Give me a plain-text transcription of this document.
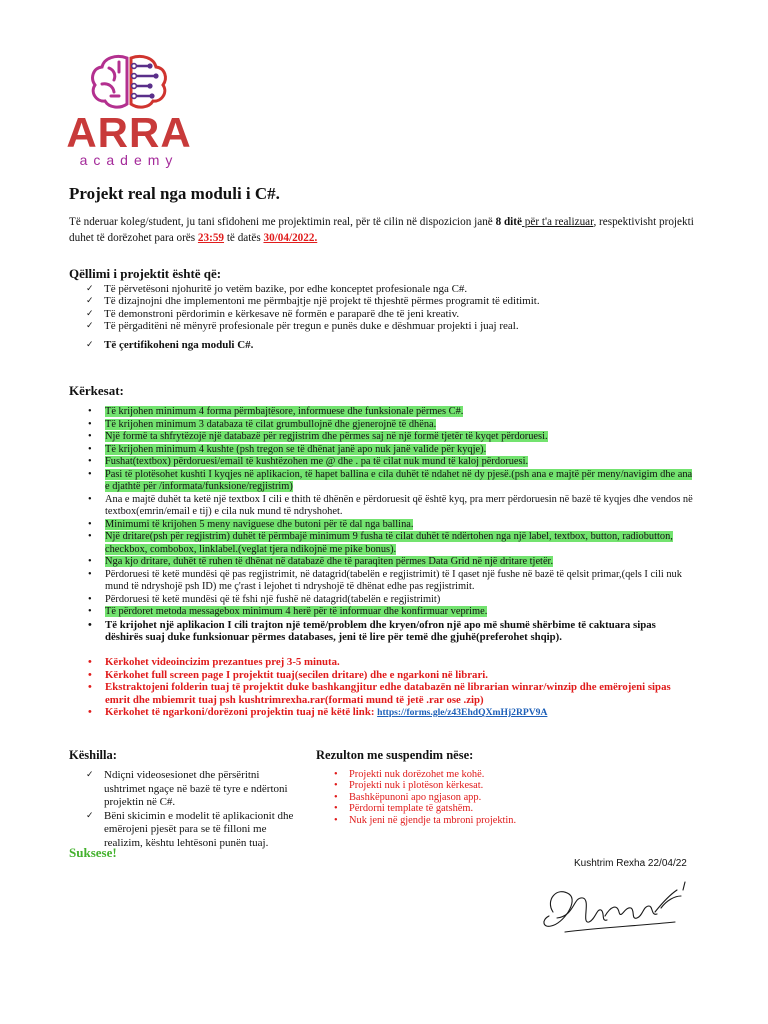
ARRA
academy
Projekt real nga moduli i C#.

Të nderuar koleg/student, ju tani sfidoheni me projektimin real, për të cilin në dispozicion janë 8 ditë për t'a realizuar, respektivisht projekti duhet të dorëzohet para orës 23:59 të datës 30/04/2022.

Qëllimi i projektit është që:
✓ Të përvetësoni njohuritë jo vetëm bazike, por edhe konceptet profesionale nga C#.
✓ Të dizajnojni dhe implementoni me përmbajtje një projekt të thjeshtë përmes programit të editimit.
✓ Të demonstroni përdorimin e kërkesave në formën e paraparë dhe të jeni kreativ.
✓ Të përgaditëni në mënyrë profesionale për tregun e punës duke e dëshmuar projekti i juaj real.
✓ Të çertifikoheni nga moduli C#.
Kërkesat:
• Të krijohen minimum 4 forma përmbajtësore, informuese dhe funksionale përmes C#.
• Të krijohen minimum 3 databaza të cilat grumbullojnë dhe gjenerojnë të dhëna.
• Një formë ta shfrytëzojë një databazë për regjistrim dhe përmes saj në një formë tjetër të kyqet përdoruesi.
• Të krijohen minimum 4 kushte (psh tregon se të dhënat janë apo nuk janë valide për kyqje).
• Fushat(textbox) përdoruesi/email të kushtëzohen me @ dhe . pa të cilat nuk mund të kaloj përdoruesi.
• Pasi të plotësohet kushti I kyqjes në aplikacion, të hapet ballina e cila duhët të ndahet në dy pjesë.(psh ana e majtë për meny/navigim dhe ana e djathtë për /informata/funksione/regjistrim)
• Ana e majtë duhët ta ketë një textbox I cili e thith të dhënën e përdoruesit që është kyq, pra merr përdoruesin në bazë të kyqjes dhe vendos në textbox(emrin/email e tij) e cila nuk mund të ndryshohet.
• Minimumi të krijohen 5 meny naviguese dhe butoni për të dal nga ballina.
• Një dritare(psh për regjistrim) duhët të përmbajë minimum 9 fusha të cilat duhët të ndërtohen nga një label, textbox, button, radiobutton, checkbox, combobox, linklabel.(veglat tjera ndikojnë me pike bonus).
• Nga kjo dritare, duhët të ruhen të dhënat në databazë dhe të paraqiten përmes Data Grid në një dritare tjetër.
• Përdoruesi të ketë mundësi që pas regjistrimit, në datagrid(tabelën e regjistrimit) të I qaset një fushe në bazë të qelsit primar,(qels I cili nuk mund të ndryshojë psh ID) me ç'rast i lejohet ti ndryshojë të dhënat edhe pas regjistrimit.
• Përdoruesi të ketë mundësi që të fshi një fushë në datagrid(tabelën e regjistrimit)
• Të përdoret metoda messagebox minimum 4 herë për të informuar dhe konfirmuar veprime.
• Të krijohet një aplikacion I cili trajton një temë/problem dhe kryen/ofron një apo më shumë shërbime të caktuara sipas dëshirës suaj duke funksionuar përmes databases, jeni të lire për temë dhe gjuhë(preferohet shqip).
• Kërkohet videoincizim prezantues prej 3-5 minuta.
• Kërkohet full screen page I projektit tuaj(secilen dritare) dhe e ngarkoni në librari.
• Ekstraktojeni folderin tuaj të projektit duke bashkangjitur edhe databazën në librarian winrar/winzip dhe emërojeni sipas emrit dhe mbiemrit tuaj psh kushtrimrexha.rar(formati mund të jetë .rar ose .zip)
• Kërkohet të ngarkoni/dorëzoni projektin tuaj në këtë link: https://forms.gle/z43EhdQXmHj2RPV9A
Këshilla:
✓ Ndiçni videosesionet dhe përsëritni ushtrimet ngaçe në bazë të tyre e ndërtoni projektin në C#.
✓ Bëni skicimin e modelit të aplikacionit dhe emërojeni pjesët para se të filloni me realizim, kështu lehtësoni punën tuaj.

Suksese!

Rezulton me suspendim nëse:
• Projekti nuk dorëzohet me kohë.
• Projekti nuk i plotëson kërkesat.
• Bashkëpunoni apo ngjason app.
• Përdorni template të gatshëm.
• Nuk jeni në gjendje ta mbroni projektin.
Kushtrim Rexha 22/04/22
